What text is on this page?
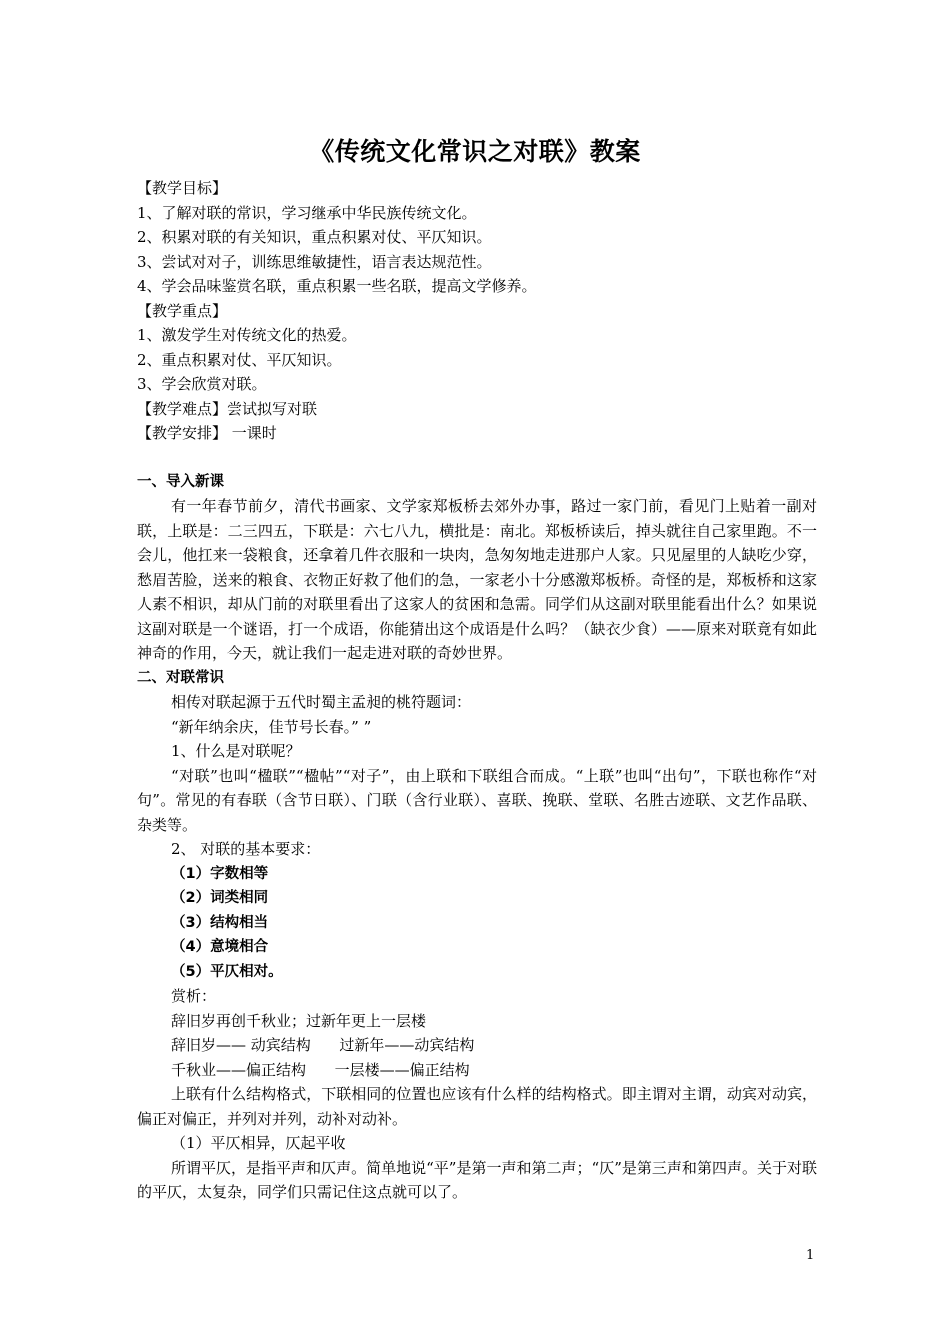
《传统文化常识之对联》教案

【教学目标】

1、了解对联的常识，学习继承中华民族传统文化。

2、积累对联的有关知识，重点积累对仗、平仄知识。

3、尝试对对子，训练思维敏捷性，语言表达规范性。

4、学会品味鉴赏名联，重点积累一些名联，提高文学修养。

【教学重点】

1、激发学生对传统文化的热爱。

2、重点积累对仗、平仄知识。

3、学会欣赏对联。

【教学难点】尝试拟写对联

【教学安排】 一课时

一、导入新课

有一年春节前夕，清代书画家、文学家郑板桥去郊外办事，路过一家门前，看见门上贴着一副对联，上联是：二三四五，下联是：六七八九，横批是：南北。郑板桥读后，掉头就往自己家里跑。不一会儿，他扛来一袋粮食，还拿着几件衣服和一块肉，急匆匆地走进那户人家。只见屋里的人缺吃少穿，愁眉苦脸，送来的粮食、衣物正好救了他们的急，一家老小十分感激郑板桥。奇怪的是，郑板桥和这家人素不相识，却从门前的对联里看出了这家人的贫困和急需。同学们从这副对联里能看出什么？如果说这副对联是一个谜语，打一个成语，你能猜出这个成语是什么吗？（缺衣少食）——原来对联竟有如此神奇的作用，今天，就让我们一起走进对联的奇妙世界。

二、对联常识

相传对联起源于五代时蜀主孟昶的桃符题词：

“新年纳余庆，佳节号长春。” ”

1、什么是对联呢？

“对联”也叫“楹联”“楹帖”“对子”，由上联和下联组合而成。“上联”也叫“出句”，下联也称作“对句”。常见的有春联（含节日联）、门联（含行业联）、喜联、挽联、堂联、名胜古迹联、文艺作品联、杂类等。

2、 对联的基本要求：

（1）字数相等

（2）词类相同

（3）结构相当

（4）意境相合

（5）平仄相对。

赏析：

辞旧岁再创千秋业；过新年更上一层楼

辞旧岁—— 动宾结构      过新年——动宾结构

千秋业——偏正结构      一层楼——偏正结构

上联有什么结构格式，下联相同的位置也应该有什么样的结构格式。即主谓对主谓，动宾对动宾，偏正对偏正，并列对并列，动补对动补。

（1）平仄相异，仄起平收

所谓平仄，是指平声和仄声。简单地说“平”是第一声和第二声；“仄”是第三声和第四声。关于对联的平仄，太复杂，同学们只需记住这点就可以了。

1
